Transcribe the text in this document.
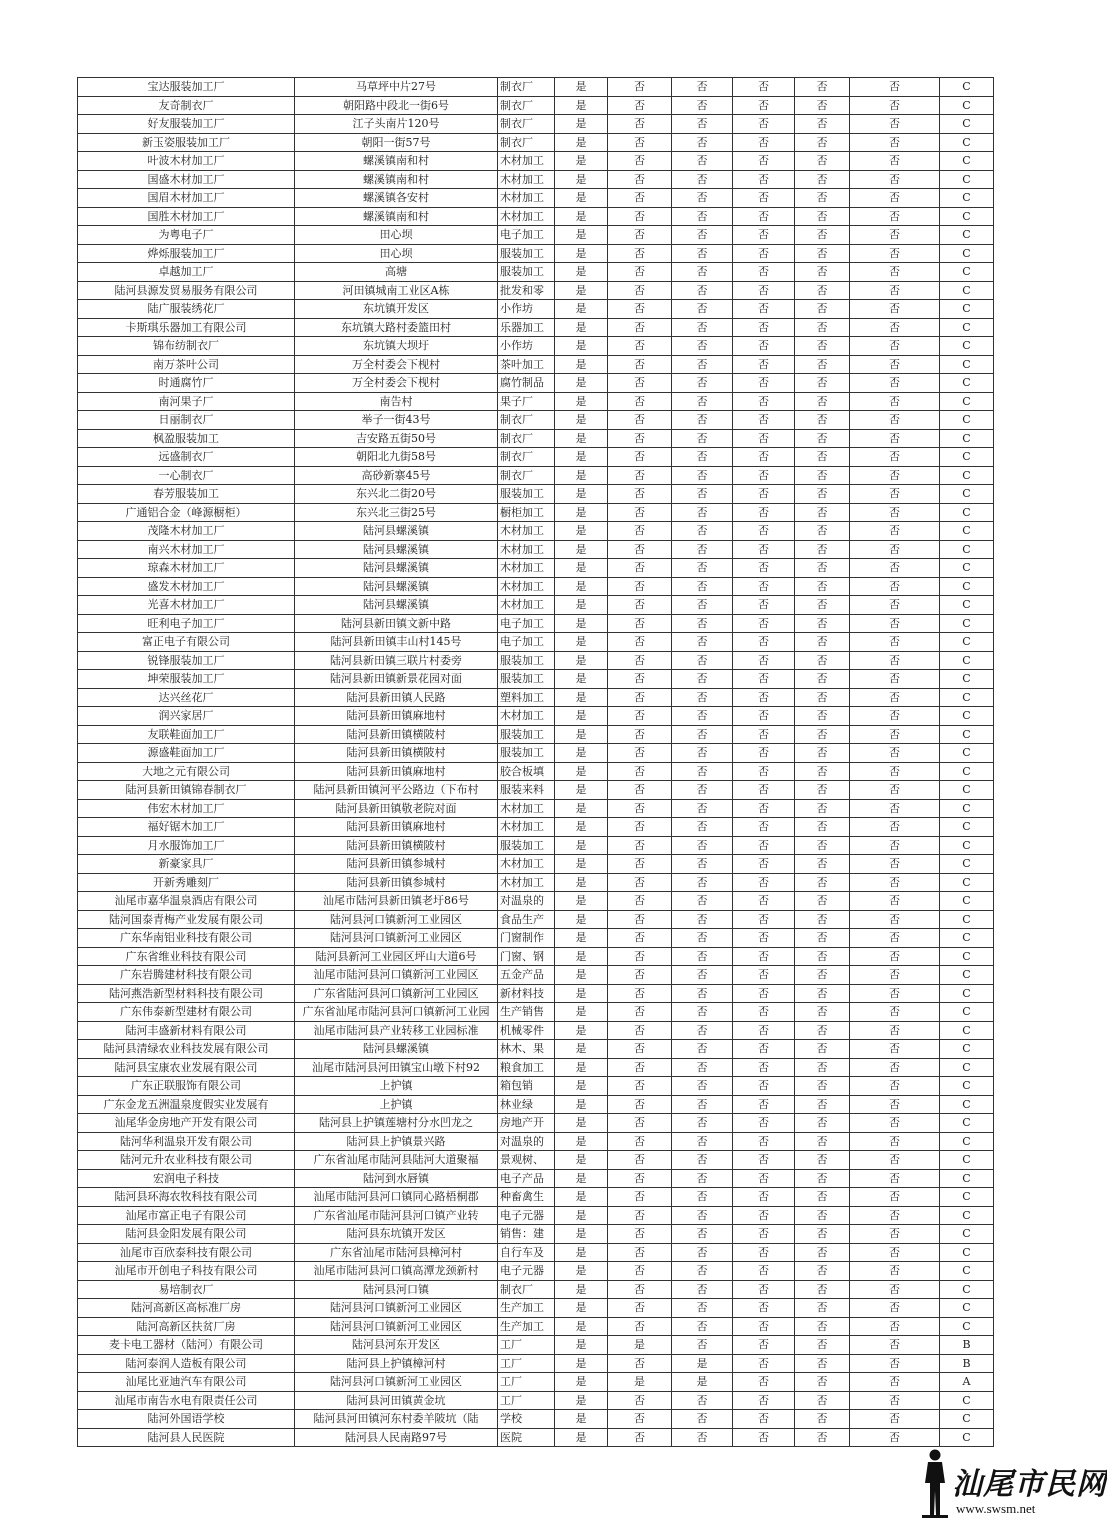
宝达服装加工厂	马草坪中片27号	制衣厂	是	否	否	否	否	否	C
友奇制衣厂	朝阳路中段北一街6号	制衣厂	是	否	否	否	否	否	C
好友服装加工厂	江子头南片120号	制衣厂	是	否	否	否	否	否	C
新玉姿服装加工厂	朝阳一街57号	制衣厂	是	否	否	否	否	否	C
叶波木材加工厂	螺溪镇南和村	木材加工	是	否	否	否	否	否	C
国盛木材加工厂	螺溪镇南和村	木材加工	是	否	否	否	否	否	C
国眉木材加工厂	螺溪镇各安村	木材加工	是	否	否	否	否	否	C
国胜木材加工厂	螺溪镇南和村	木材加工	是	否	否	否	否	否	C
为粤电子厂	田心坝	电子加工	是	否	否	否	否	否	C
烨烁服装加工厂	田心坝	服装加工	是	否	否	否	否	否	C
卓越加工厂	高塘	服装加工	是	否	否	否	否	否	C
陆河县源发贸易服务有限公司	河田镇城南工业区A栋	批发和零	是	否	否	否	否	否	C
陆广服装绣花厂	东坑镇开发区	小作坊	是	否	否	否	否	否	C
卡斯琪乐器加工有限公司	东坑镇大路村委篮田村	乐器加工	是	否	否	否	否	否	C
锦布纺制衣厂	东坑镇大坝圩	小作坊	是	否	否	否	否	否	C
南万茶叶公司	万全村委会下枧村	茶叶加工	是	否	否	否	否	否	C
时通腐竹厂	万全村委会下枧村	腐竹制品	是	否	否	否	否	否	C
南河果子厂	南告村	果子厂	是	否	否	否	否	否	C
日丽制衣厂	举子一街43号	制衣厂	是	否	否	否	否	否	C
枫盈服装加工	吉安路五街50号	制衣厂	是	否	否	否	否	否	C
远盛制衣厂	朝阳北九街58号	制衣厂	是	否	否	否	否	否	C
一心制衣厂	高砂新寨45号	制衣厂	是	否	否	否	否	否	C
春芳服装加工	东兴北二街20号	服装加工	是	否	否	否	否	否	C
广通铝合金（峰源橱柜）	东兴北三街25号	橱柜加工	是	否	否	否	否	否	C
茂隆木材加工厂	陆河县螺溪镇	木材加工	是	否	否	否	否	否	C
南兴木材加工厂	陆河县螺溪镇	木材加工	是	否	否	否	否	否	C
琼森木材加工厂	陆河县螺溪镇	木材加工	是	否	否	否	否	否	C
盛发木材加工厂	陆河县螺溪镇	木材加工	是	否	否	否	否	否	C
光喜木材加工厂	陆河县螺溪镇	木材加工	是	否	否	否	否	否	C
旺利电子加工厂	陆河县新田镇文新中路	电子加工	是	否	否	否	否	否	C
富正电子有限公司	陆河县新田镇丰山村145号	电子加工	是	否	否	否	否	否	C
锐锋服装加工厂	陆河县新田镇三联片村委旁	服装加工	是	否	否	否	否	否	C
坤荣服装加工厂	陆河县新田镇新景花园对面	服装加工	是	否	否	否	否	否	C
达兴丝花厂	陆河县新田镇人民路	塑料加工	是	否	否	否	否	否	C
润兴家居厂	陆河县新田镇麻地村	木材加工	是	否	否	否	否	否	C
友联鞋面加工厂	陆河县新田镇横陂村	服装加工	是	否	否	否	否	否	C
源盛鞋面加工厂	陆河县新田镇横陂村	服装加工	是	否	否	否	否	否	C
大地之元有限公司	陆河县新田镇麻地村	胶合板填	是	否	否	否	否	否	C
陆河县新田镇锦春制衣厂	陆河县新田镇河平公路边（下布村	服装来料	是	否	否	否	否	否	C
伟宏木材加工厂	陆河县新田镇敬老院对面	木材加工	是	否	否	否	否	否	C
福好锯木加工厂	陆河县新田镇麻地村	木材加工	是	否	否	否	否	否	C
月水服饰加工厂	陆河县新田镇横陂村	服装加工	是	否	否	否	否	否	C
新豪家具厂	陆河县新田镇参城村	木材加工	是	否	否	否	否	否	C
开新秀雕刻厂	陆河县新田镇参城村	木材加工	是	否	否	否	否	否	C
汕尾市嘉华温泉酒店有限公司	汕尾市陆河县新田镇老圩86号	对温泉的	是	否	否	否	否	否	C
陆河国泰青梅产业发展有限公司	陆河县河口镇新河工业园区	食品生产	是	否	否	否	否	否	C
广东华南铝业科技有限公司	陆河县河口镇新河工业园区	门窗制作	是	否	否	否	否	否	C
广东省维业科技有限公司	陆河县新河工业园区坪山大道6号	门窗、钢	是	否	否	否	否	否	C
广东岩腾建材科技有限公司	汕尾市陆河县河口镇新河工业园区	五金产品	是	否	否	否	否	否	C
陆河燕浩新型材料科技有限公司	广东省陆河县河口镇新河工业园区	新材料技	是	否	否	否	否	否	C
广东伟泰新型建材有限公司	广东省汕尾市陆河县河口镇新河工业园	生产销售	是	否	否	否	否	否	C
陆河丰盛新材料有限公司	汕尾市陆河县产业转移工业园标准	机械零件	是	否	否	否	否	否	C
陆河县清绿农业科技发展有限公司	陆河县螺溪镇	林木、果	是	否	否	否	否	否	C
陆河县宝康农业发展有限公司	汕尾市陆河县河田镇宝山墩下村92	粮食加工	是	否	否	否	否	否	C
广东正联服饰有限公司	上护镇	箱包销	是	否	否	否	否	否	C
广东金龙五洲温泉度假实业发展有	上护镇	林业绿	是	否	否	否	否	否	C
汕尾华金房地产开发有限公司	陆河县上护镇莲塘村分水凹龙之	房地产开	是	否	否	否	否	否	C
陆河华利温泉开发有限公司	陆河县上护镇景兴路	对温泉的	是	否	否	否	否	否	C
陆河元升农业科技有限公司	广东省汕尾市陆河县陆河大道聚福	景观树、	是	否	否	否	否	否	C
宏润电子科技	陆河到水唇镇	电子产品	是	否	否	否	否	否	C
陆河县环海农牧科技有限公司	汕尾市陆河县河口镇同心路梧桐郡	种畜禽生	是	否	否	否	否	否	C
汕尾市富正电子有限公司	广东省汕尾市陆河县河口镇产业转	电子元器	是	否	否	否	否	否	C
陆河县金阳发展有限公司	陆河县东坑镇开发区	销售：建	是	否	否	否	否	否	C
汕尾市百欣泰科技有限公司	广东省汕尾市陆河县樟河村	自行车及	是	否	否	否	否	否	C
汕尾市开创电子科技有限公司	汕尾市陆河县河口镇高潭龙颈新村	电子元器	是	否	否	否	否	否	C
易培制衣厂	陆河县河口镇	制衣厂	是	否	否	否	否	否	C
陆河高新区高标准厂房	陆河县河口镇新河工业园区	生产加工	是	否	否	否	否	否	C
陆河高新区扶贫厂房	陆河县河口镇新河工业园区	生产加工	是	否	否	否	否	否	C
麦卡电工器材（陆河）有限公司	陆河县河东开发区	工厂	是	是	否	否	否	否	B
陆河泰润人造板有限公司	陆河县上护镇樟河村	工厂	是	否	是	否	否	否	B
汕尾比亚迪汽车有限公司	陆河县河口镇新河工业园区	工厂	是	是	是	否	否	否	A
汕尾市南告水电有限责任公司	陆河县河田镇黄金坑	工厂	是	否	否	否	否	否	C
陆河外国语学校	陆河县河田镇河东村委羊陂坑（陆	学校	是	否	否	否	否	否	C
陆河县人民医院	陆河县人民南路97号	医院	是	否	否	否	否	否	C
汕尾市民网
www.swsm.net
